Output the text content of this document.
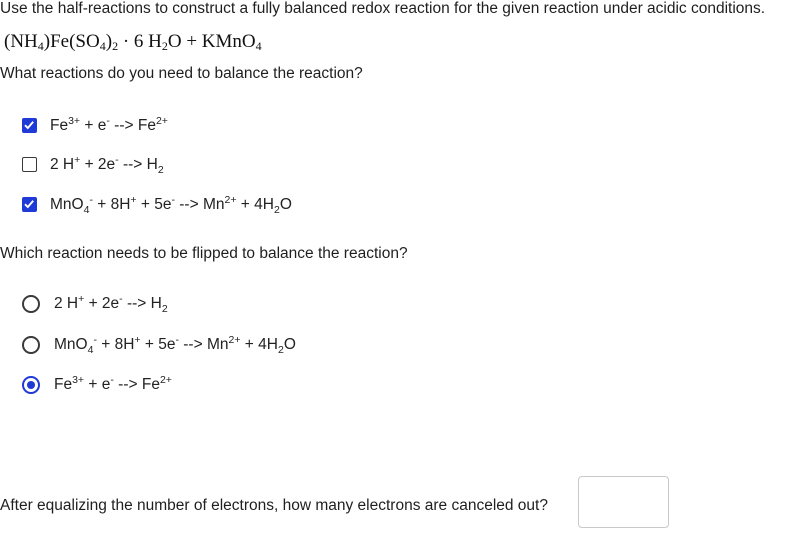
Use the half-reactions to construct a fully balanced redox reaction for the given reaction under acidic conditions.
$(NH_4)Fe(SO_4)_2 \cdot 6$ $H_2O$ + KMnO$_4$
What reactions do you need to balance the reaction?
$Fe^{3+} + e^-$ --> $Fe^{2+}$
2 H+ + 2e- --> $H_2$
MnO$_4$- + 8H+ + 5e- --> $Mn^{2+} + 4H_2O$
Which reaction needs to be flipped to balance the reaction?
2 H+ + 2e- --> $H_2$
MnO$_4$- + 8H+ + 5e- --> $Mn^{2+} + 4H_2O$
$Fe^{3+} + e^-$ --> $Fe^{2+}$
After equalizing the number of electrons, how many electrons are canceled out?
